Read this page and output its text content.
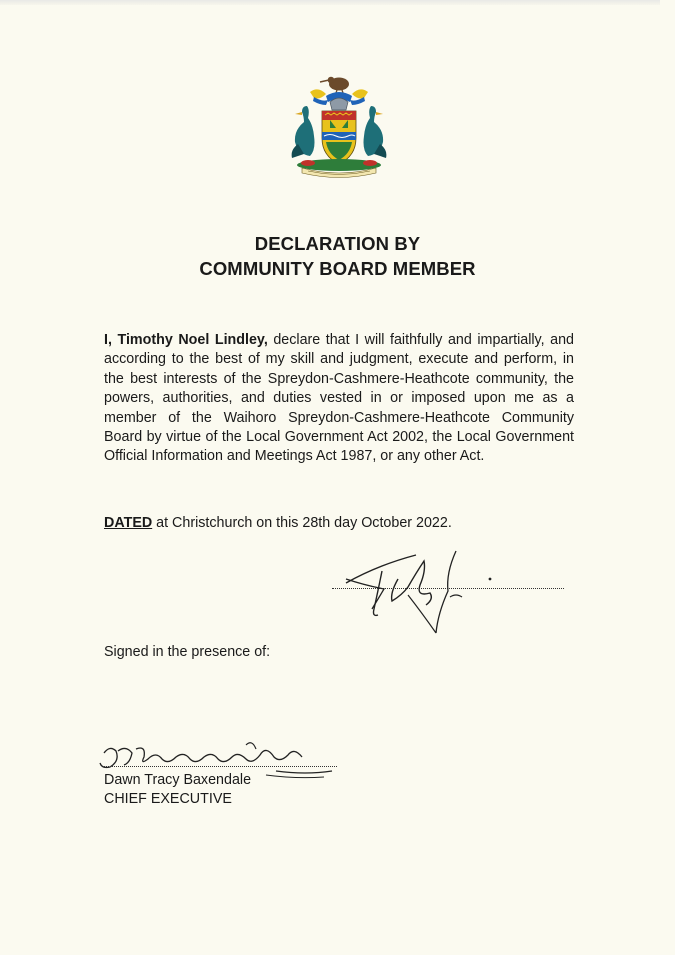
DECLARATION BY
COMMUNITY BOARD MEMBER
I, Timothy Noel Lindley, declare that I will faithfully and impartially, and according to the best of my skill and judgment, execute and perform, in the best interests of the Spreydon-Cashmere-Heathcote community, the powers, authorities, and duties vested in or imposed upon me as a member of the Waihoro Spreydon-Cashmere-Heathcote Community Board by virtue of the Local Government Act 2002, the Local Government Official Information and Meetings Act 1987, or any other Act.
DATED at Christchurch on this 28th day October 2022.
Signed in the presence of:
Dawn Tracy Baxendale
CHIEF EXECUTIVE
